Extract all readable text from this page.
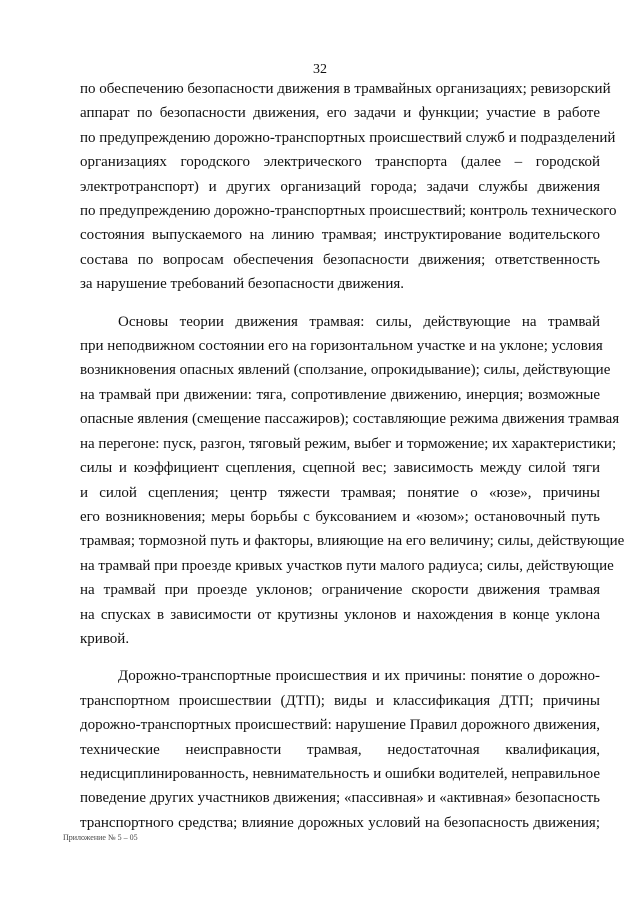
32
по обеспечению безопасности движения в трамвайных организациях; ревизорский
аппарат по безопасности движения, его задачи и функции; участие в работе
по предупреждению дорожно-транспортных происшествий служб и подразделений
организациях городского электрического транспорта (далее – городской
электротранспорт) и других организаций города; задачи службы движения
по предупреждению дорожно-транспортных происшествий; контроль технического
состояния выпускаемого на линию трамвая; инструктирование водительского
состава по вопросам обеспечения безопасности движения; ответственность
за нарушение требований безопасности движения.
Основы теории движения трамвая: силы, действующие на трамвай
при неподвижном состоянии его на горизонтальном участке и на уклоне; условия
возникновения опасных явлений (сползание, опрокидывание); силы, действующие
на трамвай при движении: тяга, сопротивление движению, инерция; возможные
опасные явления (смещение пассажиров); составляющие режима движения трамвая
на перегоне: пуск, разгон, тяговый режим, выбег и торможение; их характеристики;
силы и коэффициент сцепления, сцепной вес; зависимость между силой тяги
и силой сцепления; центр тяжести трамвая; понятие о «юзе», причины
его возникновения; меры борьбы с буксованием и «юзом»; остановочный путь
трамвая; тормозной путь и факторы, влияющие на его величину; силы, действующие
на трамвай при проезде кривых участков пути малого радиуса; силы, действующие
на трамвай при проезде уклонов; ограничение скорости движения трамвая
на спусках в зависимости от крутизны уклонов и нахождения в конце уклона
кривой.
Дорожно-транспортные происшествия и их причины: понятие о дорожно-
транспортном происшествии (ДТП); виды и классификация ДТП; причины
дорожно-транспортных происшествий: нарушение Правил дорожного движения,
технические неисправности трамвая, недостаточная квалификация,
недисциплинированность, невнимательность и ошибки водителей, неправильное
поведение других участников движения; «пассивная» и «активная» безопасность
транспортного средства; влияние дорожных условий на безопасность движения;
Приложение № 5 – 05
